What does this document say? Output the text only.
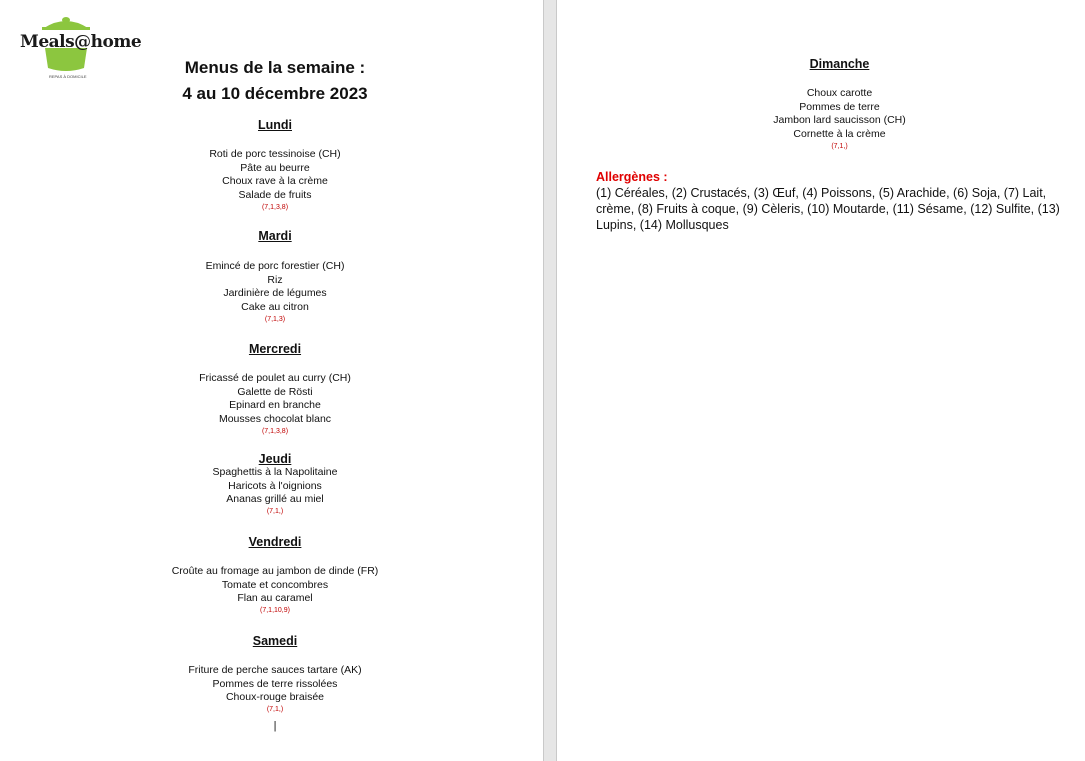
Meals@home
REPAS À DOMICILE	Menus de la semaine :
4 au 10 décembre 2023
Lundi
Roti de porc tessinoise (CH)
Pâte au beurre
Choux rave à la crème
Salade de fruits
(7,1,3,8)
Mardi
Emincé de porc forestier (CH)
Riz
Jardinière de légumes
Cake au citron
(7,1,3)
Mercredi
Fricassé de poulet au curry (CH)
Galette de Rösti
Epinard en branche
Mousses chocolat blanc
(7,1,3,8)
Jeudi
Spaghettis à la Napolitaine
Haricots à l'oignions
Ananas grillé au miel
(7,1,)
Vendredi
Croûte au fromage au jambon de dinde (FR)
Tomate et concombres
Flan au caramel
(7,1,10,9)
Samedi
Friture de perche sauces tartare (AK)
Pommes de terre rissolées
Choux-rouge braisée
(7,1,)
|
Dimanche
Choux carotte
Pommes de terre
Jambon lard saucisson (CH)
Cornette à la crème
(7,1,)
Allergènes :
(1) Céréales, (2) Crustacés, (3) Œuf, (4) Poissons, (5) Arachide, (6) Soja, (7) Lait, crème, (8) Fruits à coque, (9) Cèleris, (10) Moutarde, (11) Sésame, (12) Sulfite, (13) Lupins, (14) Mollusques
